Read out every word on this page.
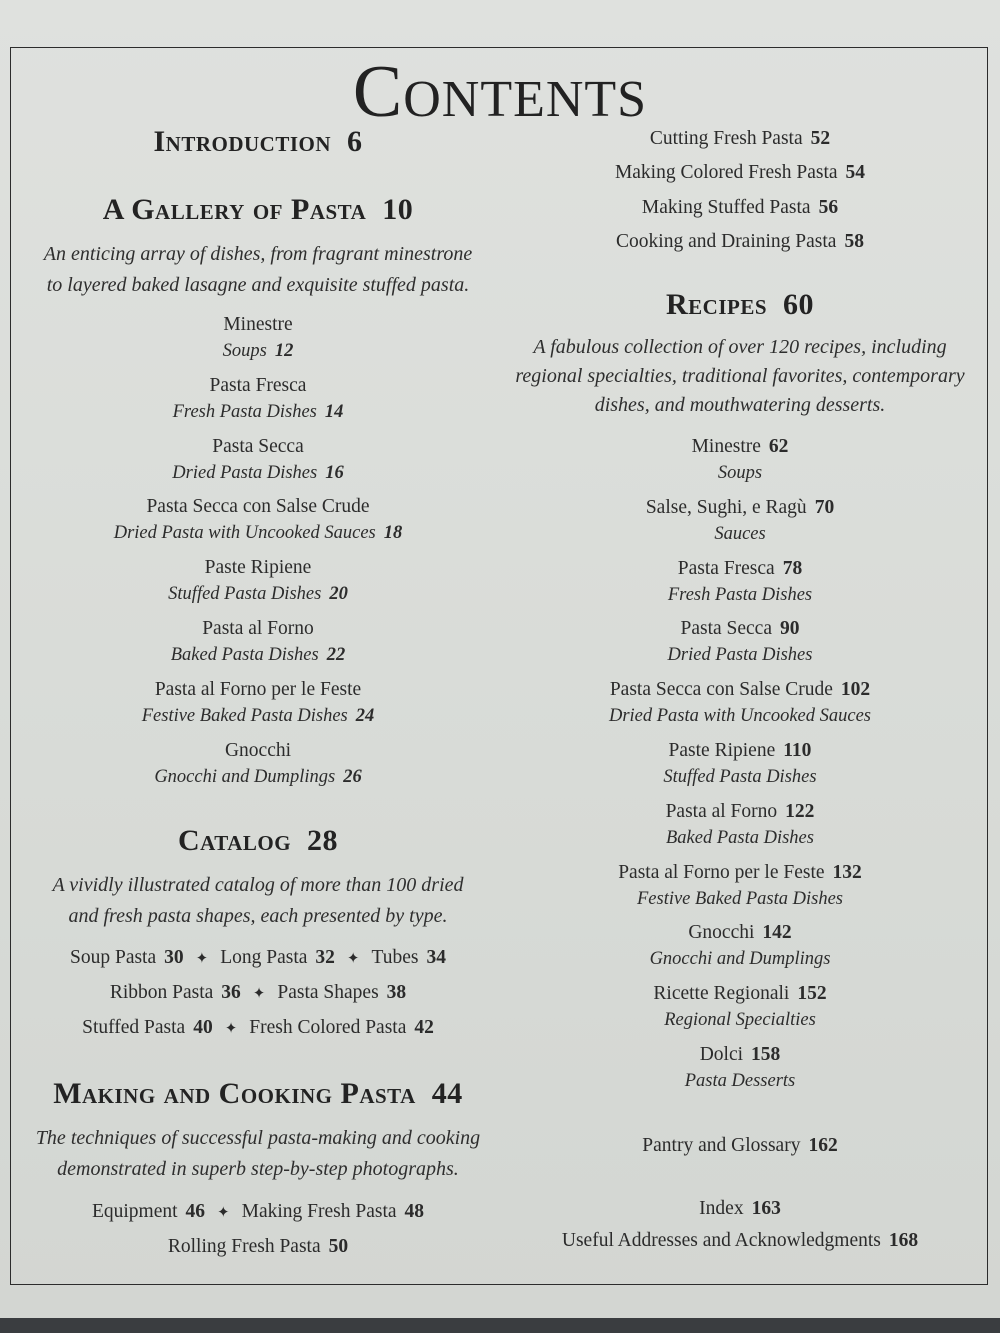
Contents
Introduction 6
A Gallery of Pasta 10
An enticing array of dishes, from fragrant minestrone
to layered baked lasagne and exquisite stuffed pasta.
Minestre
Soups 12
Pasta Fresca
Fresh Pasta Dishes 14
Pasta Secca
Dried Pasta Dishes 16
Pasta Secca con Salse Crude
Dried Pasta with Uncooked Sauces 18
Paste Ripiene
Stuffed Pasta Dishes 20
Pasta al Forno
Baked Pasta Dishes 22
Pasta al Forno per le Feste
Festive Baked Pasta Dishes 24
Gnocchi
Gnocchi and Dumplings 26
Catalog 28
A vividly illustrated catalog of more than 100 dried
and fresh pasta shapes, each presented by type.
Soup Pasta 30 ✦ Long Pasta 32 ✦ Tubes 34
Ribbon Pasta 36 ✦ Pasta Shapes 38
Stuffed Pasta 40 ✦ Fresh Colored Pasta 42
Making and Cooking Pasta 44
The techniques of successful pasta-making and cooking
demonstrated in superb step-by-step photographs.
Equipment 46 ✦ Making Fresh Pasta 48
Rolling Fresh Pasta 50
Cutting Fresh Pasta 52
Making Colored Fresh Pasta 54
Making Stuffed Pasta 56
Cooking and Draining Pasta 58
Recipes 60
A fabulous collection of over 120 recipes, including
regional specialties, traditional favorites, contemporary
dishes, and mouthwatering desserts.
Minestre 62
Soups
Salse, Sughi, e Ragù 70
Sauces
Pasta Fresca 78
Fresh Pasta Dishes
Pasta Secca 90
Dried Pasta Dishes
Pasta Secca con Salse Crude 102
Dried Pasta with Uncooked Sauces
Paste Ripiene 110
Stuffed Pasta Dishes
Pasta al Forno 122
Baked Pasta Dishes
Pasta al Forno per le Feste 132
Festive Baked Pasta Dishes
Gnocchi 142
Gnocchi and Dumplings
Ricette Regionali 152
Regional Specialties
Dolci 158
Pasta Desserts
Pantry and Glossary 162
Index 163
Useful Addresses and Acknowledgments 168
